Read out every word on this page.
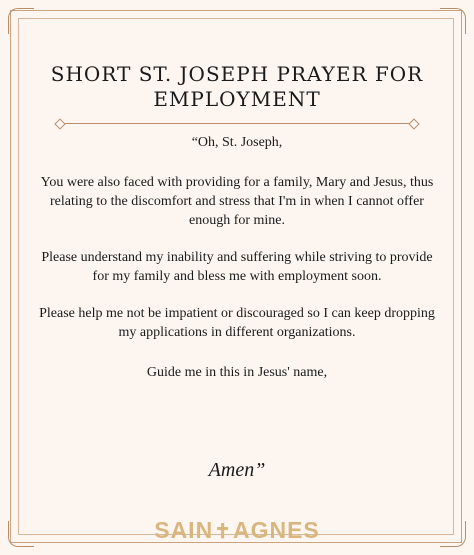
SHORT ST. JOSEPH PRAYER FOR
EMPLOYMENT

“Oh, St. Joseph,

You were also faced with providing for a family, Mary and Jesus, thus relating to the discomfort and stress that I'm in when I cannot offer enough for mine.

Please understand my inability and suffering while striving to provide for my family and bless me with employment soon.

Please help me not be impatient or discouraged so I can keep dropping my applications in different organizations.

Guide me in this in Jesus' name,

Amen”
SAIN✝AGNES
